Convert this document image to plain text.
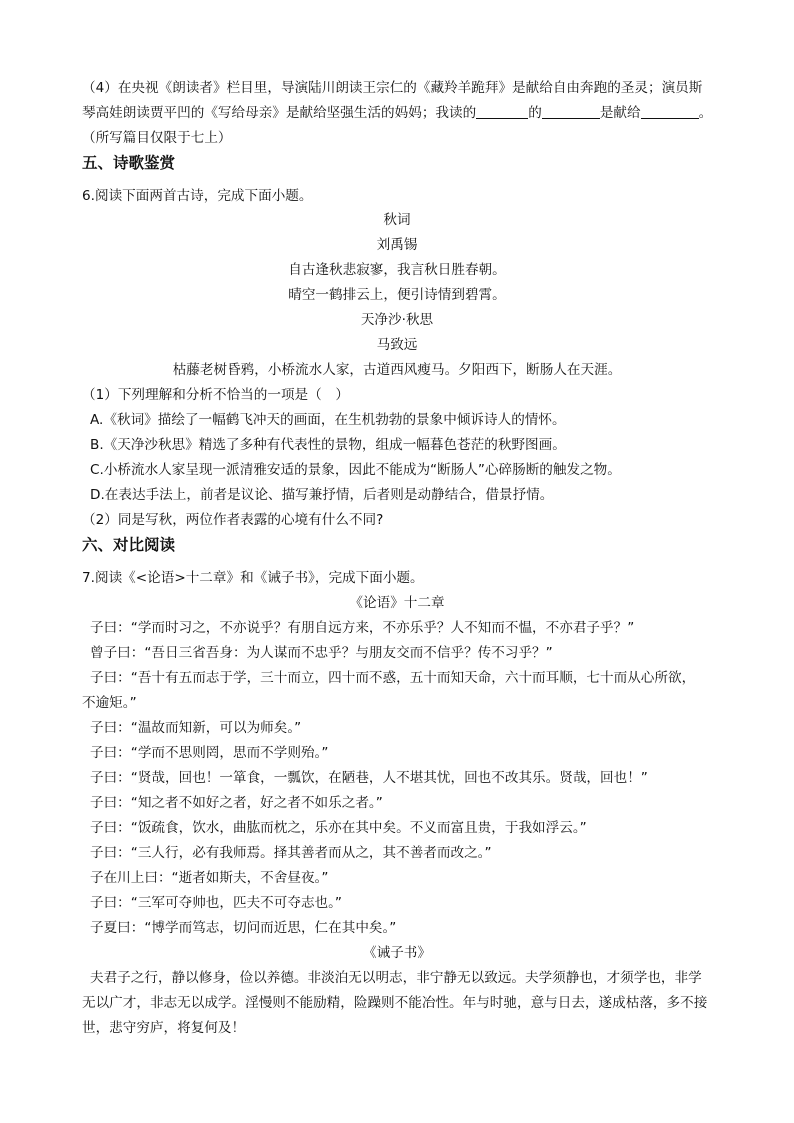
（4）在央视《朗读者》栏目里，导演陆川朗读王宗仁的《藏羚羊跪拜》是献给自由奔跑的圣灵；演员斯
琴高娃朗读贾平凹的《写给母亲》是献给坚强生活的妈妈；我读的	的	是献给	。
（所写篇目仅限于七上）
五、诗歌鉴赏
6.阅读下面两首古诗，完成下面小题。
秋词
刘禹锡
自古逢秋悲寂寥，我言秋日胜春朝。
晴空一鹤排云上，便引诗情到碧霄。
天净沙·秋思
马致远
枯藤老树昏鸦，小桥流水人家，古道西风瘦马。夕阳西下，断肠人在天涯。
（1）下列理解和分析不恰当的一项是（　）
A.《秋词》描绘了一幅鹤飞冲天的画面，在生机勃勃的景象中倾诉诗人的情怀。
B.《天净沙秋思》精选了多种有代表性的景物，组成一幅暮色苍茫的秋野图画。
C.小桥流水人家呈现一派清雅安适的景象，因此不能成为“断肠人”心碎肠断的触发之物。
D.在表达手法上，前者是议论、描写兼抒情，后者则是动静结合，借景抒情。
（2）同是写秋，两位作者表露的心境有什么不同?
六、对比阅读
7.阅读《<论语>十二章》和《诫子书》，完成下面小题。
《论语》十二章
子曰：“学而时习之，不亦说乎？有朋自远方来，不亦乐乎？人不知而不愠，不亦君子乎？”
曾子曰：“吾日三省吾身：为人谋而不忠乎？与朋友交而不信乎？传不习乎？”
子曰：“吾十有五而志于学，三十而立，四十而不惑，五十而知天命，六十而耳顺，七十而从心所欲，
不逾矩。”
子曰：“温故而知新，可以为师矣。”
子曰：“学而不思则罔，思而不学则殆。”
子曰：“贤哉，回也！一箪食，一瓢饮，在陋巷，人不堪其忧，回也不改其乐。贤哉，回也！”
子曰：“知之者不如好之者，好之者不如乐之者。”
子曰：“饭疏食，饮水，曲肱而枕之，乐亦在其中矣。不义而富且贵，于我如浮云。”
子曰：“三人行，必有我师焉。择其善者而从之，其不善者而改之。”
子在川上曰：“逝者如斯夫，不舍昼夜。”
子曰：“三军可夺帅也，匹夫不可夺志也。”
子夏曰：“博学而笃志，切问而近思，仁在其中矣。”
《诫子书》
夫君子之行，静以修身，俭以养德。非淡泊无以明志，非宁静无以致远。夫学须静也，才须学也，非学
无以广才，非志无以成学。淫慢则不能励精，险躁则不能冶性。年与时驰，意与日去，遂成枯落，多不接
世，悲守穷庐，将复何及！
